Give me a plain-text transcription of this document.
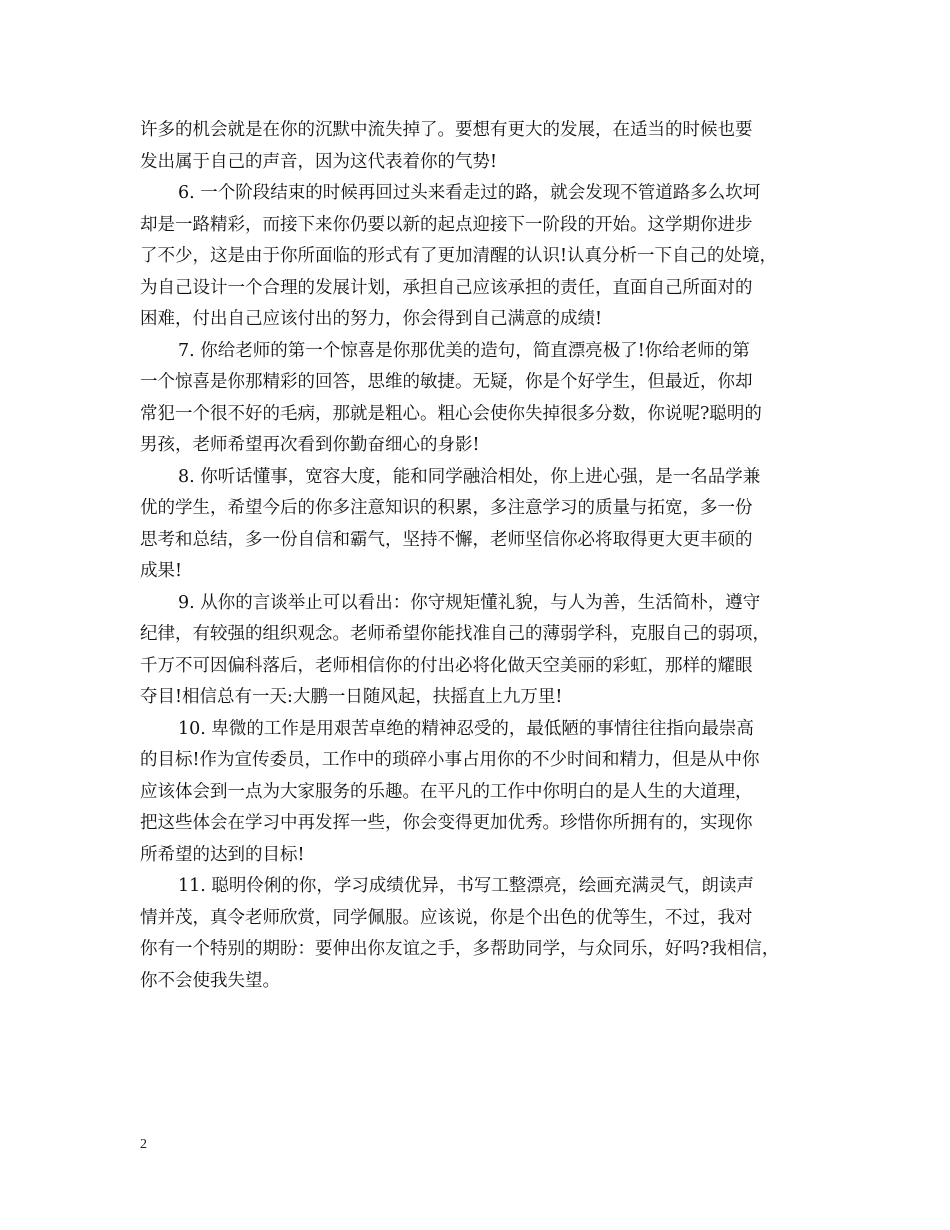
许多的机会就是在你的沉默中流失掉了。要想有更大的发展，在适当的时候也要
发出属于自己的声音，因为这代表着你的气势!
6. 一个阶段结束的时候再回过头来看走过的路，就会发现不管道路多么坎坷
却是一路精彩，而接下来你仍要以新的起点迎接下一阶段的开始。这学期你进步
了不少，这是由于你所面临的形式有了更加清醒的认识!认真分析一下自己的处境，
为自己设计一个合理的发展计划，承担自己应该承担的责任，直面自己所面对的
困难，付出自己应该付出的努力，你会得到自己满意的成绩!
7. 你给老师的第一个惊喜是你那优美的造句，简直漂亮极了!你给老师的第
一个惊喜是你那精彩的回答，思维的敏捷。无疑，你是个好学生，但最近，你却
常犯一个很不好的毛病，那就是粗心。粗心会使你失掉很多分数，你说呢?聪明的
男孩，老师希望再次看到你勤奋细心的身影!
8. 你听话懂事，宽容大度，能和同学融洽相处，你上进心强，是一名品学兼
优的学生，希望今后的你多注意知识的积累，多注意学习的质量与拓宽，多一份
思考和总结，多一份自信和霸气，坚持不懈，老师坚信你必将取得更大更丰硕的
成果!
9. 从你的言谈举止可以看出：你守规矩懂礼貌，与人为善，生活简朴，遵守
纪律，有较强的组织观念。老师希望你能找准自己的薄弱学科，克服自己的弱项，
千万不可因偏科落后，老师相信你的付出必将化做天空美丽的彩虹，那样的耀眼
夺目!相信总有一天:大鹏一日随风起，扶摇直上九万里!
10. 卑微的工作是用艰苦卓绝的精神忍受的，最低陋的事情往往指向最崇高
的目标!作为宣传委员，工作中的琐碎小事占用你的不少时间和精力，但是从中你
应该体会到一点为大家服务的乐趣。在平凡的工作中你明白的是人生的大道理，
把这些体会在学习中再发挥一些，你会变得更加优秀。珍惜你所拥有的，实现你
所希望的达到的目标!
11. 聪明伶俐的你，学习成绩优异，书写工整漂亮，绘画充满灵气，朗读声
情并茂，真令老师欣赏，同学佩服。应该说，你是个出色的优等生，不过，我对
你有一个特别的期盼：要伸出你友谊之手，多帮助同学，与众同乐，好吗?我相信，
你不会使我失望。
2
